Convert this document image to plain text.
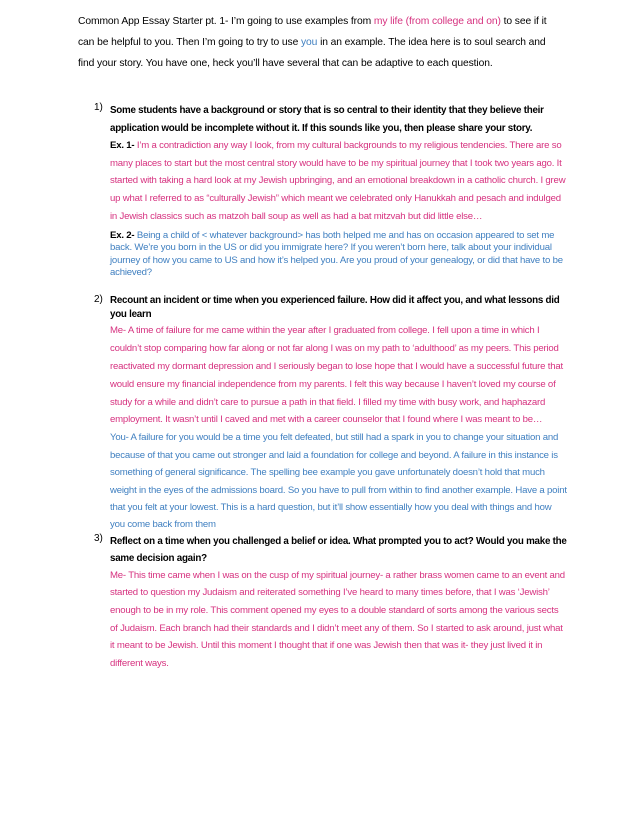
Common App Essay Starter pt. 1- I’m going to use examples from my life (from college and on) to see if it can be helpful to you. Then I’m going to try to use you in an example. The idea here is to soul search and find your story. You have one, heck you’ll have several that can be adaptive to each question.

1) Some students have a background or story that is so central to their identity that they believe their application would be incomplete without it. If this sounds like you, then please share your story.

Ex. 1- I’m a contradiction any way I look, from my cultural backgrounds to my religious tendencies. There are so many places to start but the most central story would have to be my spiritual journey that I took two years ago. It started with taking a hard look at my Jewish upbringing, and an emotional breakdown in a catholic church. I grew up what I referred to as “culturally Jewish” which meant we celebrated only Hanukkah and pesach and indulged in Jewish classics such as matzoh ball soup as well as had a bat mitzvah but did little else…

Ex. 2- Being a child of < whatever background> has both helped me and has on occasion appeared to set me back. We’re you born in the US or did you immigrate here? If you weren’t born here, talk about your individual journey of how you came to US and how it’s helped you. Are you proud of your genealogy, or did that have to be achieved?

2) Recount an incident or time when you experienced failure. How did it affect you, and what lessons did you learn

Me- A time of failure for me came within the year after I graduated from college. I fell upon a time in which I couldn’t stop comparing how far along or not far along I was on my path to ‘adulthood’ as my peers. This period reactivated my dormant depression and I seriously began to lose hope that I would have a successful future that would ensure my financial independence from my parents. I felt this way because I haven’t loved my course of study for a while and didn’t care to pursue a path in that field. I filled my time with busy work, and haphazard employment. It wasn’t until I caved and met with a career counselor that I found where I was meant to be…

You- A failure for you would be a time you felt defeated, but still had a spark in you to change your situation and because of that you came out stronger and laid a foundation for college and beyond. A failure in this instance is something of general significance. The spelling bee example you gave unfortunately doesn’t hold that much weight in the eyes of the admissions board. So you have to pull from within to find another example. Have a point that you felt at your lowest. This is a hard question, but it’ll show essentially how you deal with things and how you come back from them

3) Reflect on a time when you challenged a belief or idea. What prompted you to act? Would you make the same decision again?

Me- This time came when I was on the cusp of my spiritual journey- a rather brass women came to an event and started to question my Judaism and reiterated something I’ve heard to many times before, that I was ‘Jewish’ enough to be in my role. This comment opened my eyes to a double standard of sorts among the various sects of Judaism. Each branch had their standards and I didn’t meet any of them. So I started to ask around, just what it meant to be Jewish. Until this moment I thought that if one was Jewish then that was it- they just lived it in different ways.
